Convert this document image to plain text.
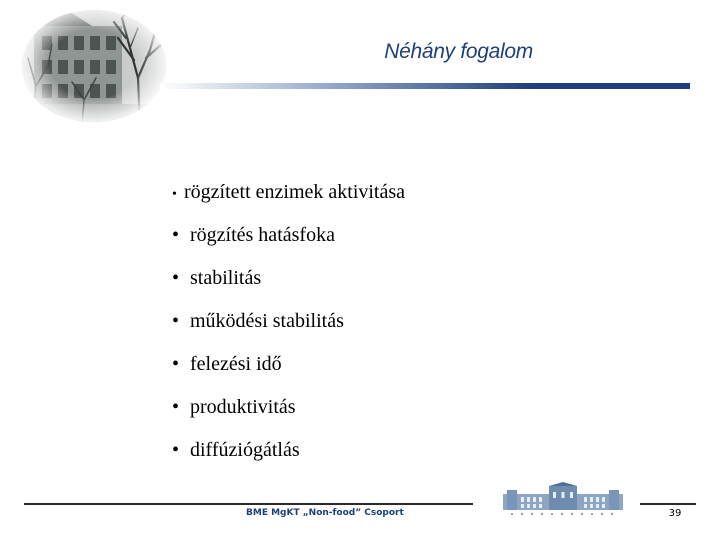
Néhány fogalom
• rögzített enzimek aktivitása
• rögzítés hatásfoka
• stabilitás
• működési stabilitás
• felezési idő
• produktivitás
• diffúziógátlás
BME MgKT „Non-food” Csoport	39
